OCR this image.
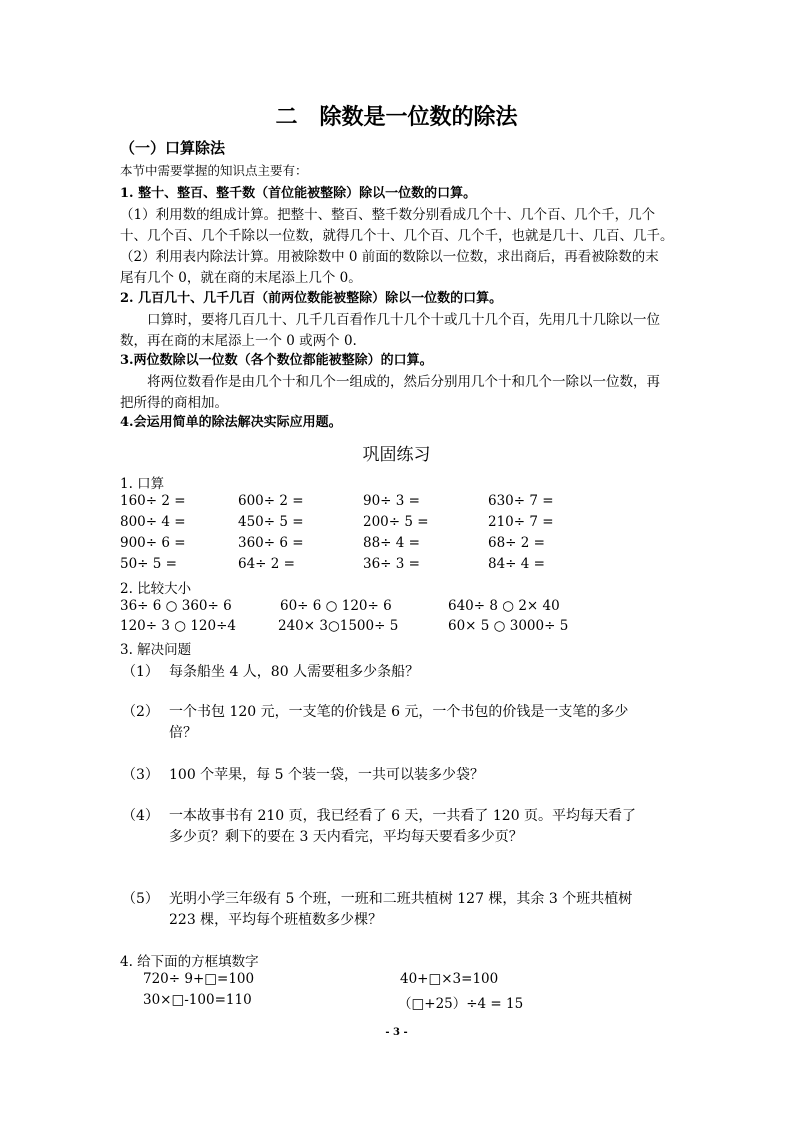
二　除数是一位数的除法
（一）口算除法
本节中需要掌握的知识点主要有：
1. 整十、整百、整千数（首位能被整除）除以一位数的口算。
（1）利用数的组成计算。把整十、整百、整千数分别看成几个十、几个百、几个千，几个
十、几个百、几个千除以一位数，就得几个十、几个百、几个千，也就是几十、几百、几千。
（2）利用表内除法计算。用被除数中 0 前面的数除以一位数，求出商后，再看被除数的末
尾有几个 0，就在商的末尾添上几个 0。
2. 几百几十、几千几百（前两位数能被整除）除以一位数的口算。
口算时，要将几百几十、几千几百看作几十几个十或几十几个百，先用几十几除以一位
数，再在商的末尾添上一个 0 或两个 0.
3.两位数除以一位数（各个数位都能被整除）的口算。
将两位数看作是由几个十和几个一组成的，然后分别用几个十和几个一除以一位数，再
把所得的商相加。
4.会运用简单的除法解决实际应用题。
巩固练习
1. 口算
160÷ 2 =	600÷ 2 =	90÷ 3 =	630÷ 7 =
800÷ 4 =	450÷ 5 =	200÷ 5 =	210÷ 7 =
900÷ 6 =	360÷ 6 =	88÷ 4 =	68÷ 2 =
50÷ 5 =	64÷ 2 =	36÷ 3 =	84÷ 4 =
2. 比较大小
36÷ 6 ○ 360÷ 6	60÷ 6 ○ 120÷ 6	640÷ 8 ○ 2× 40
120÷ 3 ○ 120÷4	240× 3○1500÷ 5	60× 5 ○ 3000÷ 5
3. 解决问题
（1） 每条船坐 4 人，80 人需要租多少条船？
（2） 一个书包 120 元，一支笔的价钱是 6 元，一个书包的价钱是一支笔的多少
倍？
（3） 100 个苹果，每 5 个装一袋，一共可以装多少袋？
（4） 一本故事书有 210 页，我已经看了 6 天，一共看了 120 页。平均每天看了
多少页？剩下的要在 3 天内看完，平均每天要看多少页？
（5） 光明小学三年级有 5 个班，一班和二班共植树 127 棵，其余 3 个班共植树
223 棵，平均每个班植数多少棵？
4. 给下面的方框填数字
720÷ 9+□=100	40+□×3=100
30×□-100=110	（□+25）÷4 = 15
- 3 -
